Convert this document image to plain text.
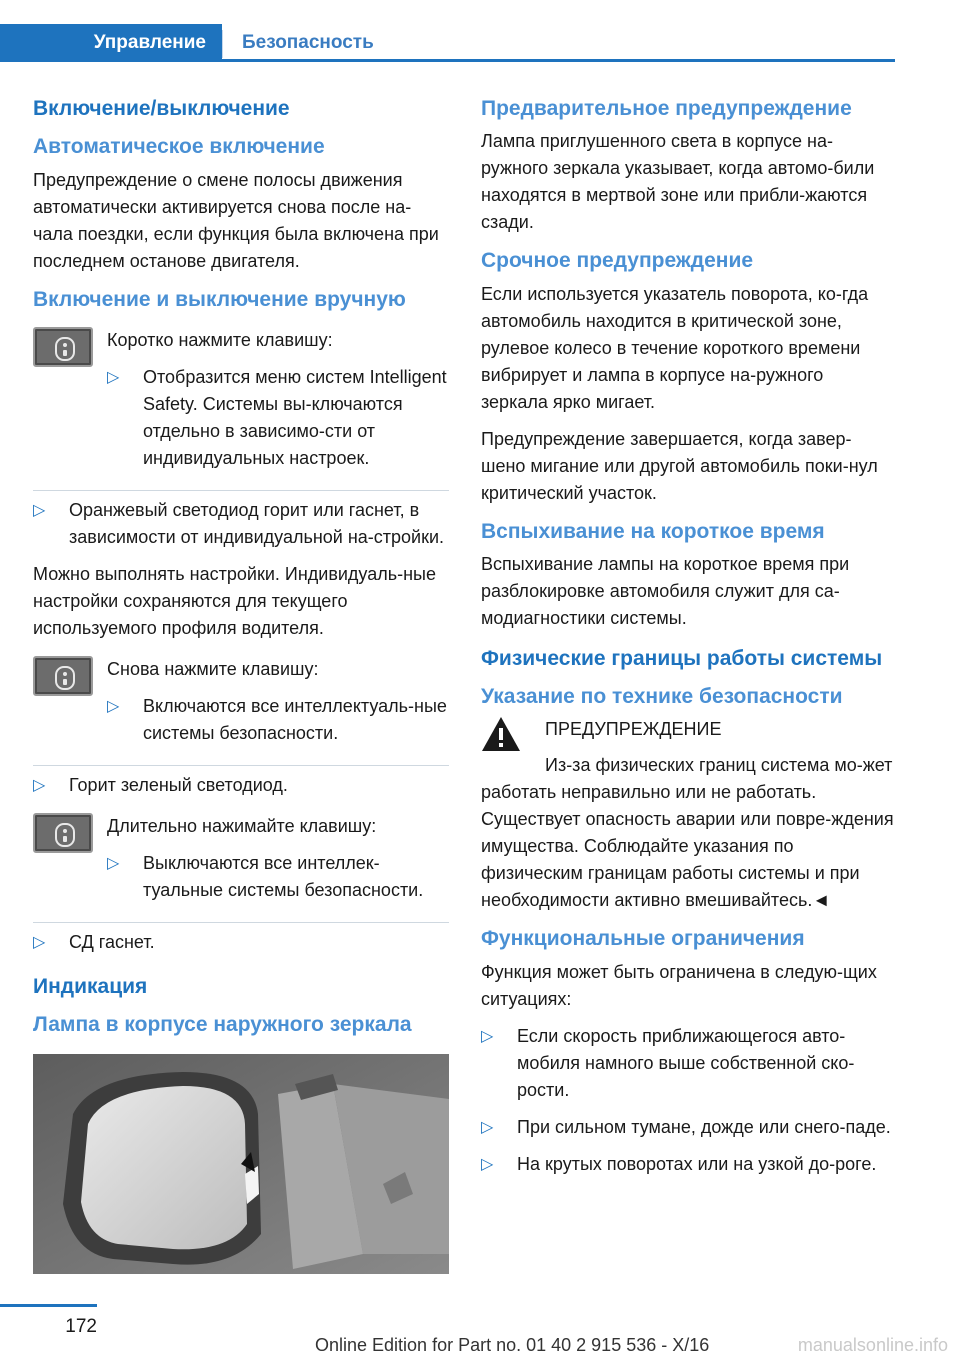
Управление	Безопасность
Включение/выключение
Автоматическое включение

Предупреждение о смене полосы движения автоматически активируется снова после на-чала поездки, если функция была включена при последнем останове двигателя.

Включение и выключение вручную

Коротко нажмите клавишу:

▷ Отобразится меню систем Intelligent Safety. Системы вы-ключаются отдельно в зависимо-сти от индивидуальных настроек.
▷ Оранжевый светодиод горит или гаснет, в зависимости от индивидуальной на-стройки.

Можно выполнять настройки. Индивидуаль-ные настройки сохраняются для текущего используемого профиля водителя.

Снова нажмите клавишу:

▷ Включаются все интеллектуаль-ные системы безопасности.
▷ Горит зеленый светодиод.

Длительно нажимайте клавишу:

▷ Выключаются все интеллек-туальные системы безопасности.
▷ СД гаснет.
Индикация
Лампа в корпусе наружного зеркала
Предварительное предупреждение

Лампа приглушенного света в корпусе на-ружного зеркала указывает, когда автомо-били находятся в мертвой зоне или прибли-жаются сзади.

Срочное предупреждение

Если используется указатель поворота, ко-гда автомобиль находится в критической зоне, рулевое колесо в течение короткого времени вибрирует и лампа в корпусе на-ружного зеркала ярко мигает.

Предупреждение завершается, когда завер-шено мигание или другой автомобиль поки-нул критический участок.

Вспыхивание на короткое время

Вспыхивание лампы на короткое время при разблокировке автомобиля служит для са-модиагностики системы.

Физические границы работы системы
Указание по технике безопасности

ПРЕДУПРЕЖДЕНИЕ

Из-за физических границ система мо-жет работать неправильно или не работать. Существует опасность аварии или повре-ждения имущества. Соблюдайте указания по физическим границам работы системы и при необходимости активно вмешивайтесь.◄

Функциональные ограничения

Функция может быть ограничена в следую-щих ситуациях:

▷ Если скорость приближающегося авто-мобиля намного выше собственной ско-рости.
▷ При сильном тумане, дожде или снего-паде.
▷ На крутых поворотах или на узкой до-роге.
172
Online Edition for Part no. 01 40 2 915 536 - X/16	manualsonline.info
